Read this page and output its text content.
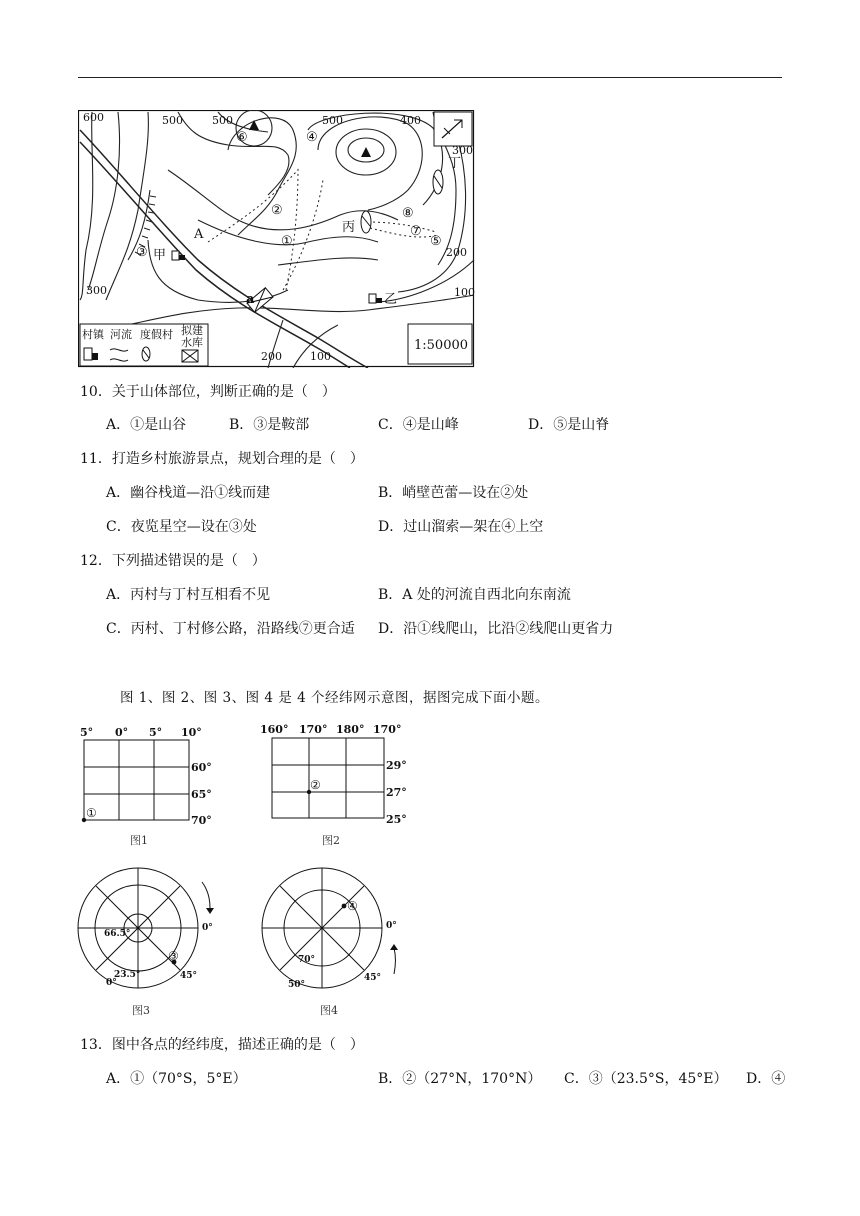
600	500	500	500	400
300
200
100
300
200	100
甲
乙
丙
丁
A
a
①
②
③
④
⑤
⑥
⑦
⑧
村镇 河流 度假村 拟建
水库	1:50000
10．关于山体部位，判断正确的是（　）
A．①是山谷	B．③是鞍部	C．④是山峰	D．⑤是山脊
11．打造乡村旅游景点，规划合理的是（　）
A．幽谷栈道—沿①线而建	B．峭壁芭蕾—设在②处
C．夜览星空—设在③处	D．过山溜索—架在④上空
12．下列描述错误的是（　）
A．丙村与丁村互相看不见	B．A 处的河流自西北向东南流
C．丙村、丁村修公路，沿路线⑦更合适 D．沿①线爬山，比沿②线爬山更省力
图 1、图 2、图 3、图 4 是 4 个经纬网示意图，据图完成下面小题。
5° 0° 5° 10°
60°
65°
70°
①
图1
160° 170° 180° 170°
29°
27°
25°
②
图2
66.5°
23.5°
0°
0°
45°
③
图3
70°
50°
0°
45°
④
图4
13．图中各点的经纬度，描述正确的是（　）
A．①（70°S，5°E）	B．②（27°N，170°N） C．③（23.5°S，45°E） D．④
